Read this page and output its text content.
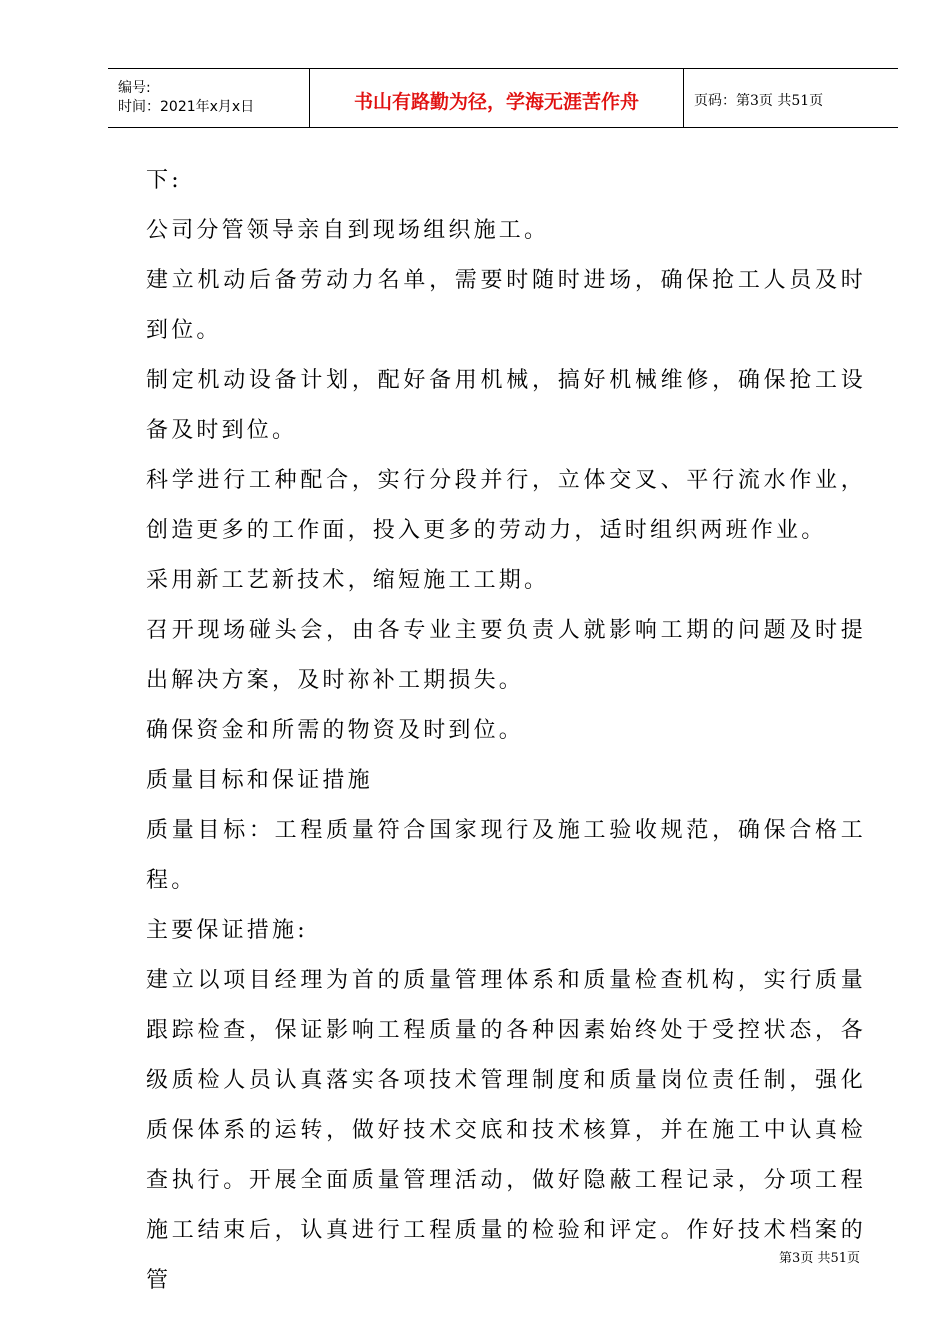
编号:
时间：2021年x月x日	书山有路勤为径，学海无涯苦作舟	页码：第3页 共51页

下:

公司分管领导亲自到现场组织施工。

建立机动后备劳动力名单，需要时随时进场，确保抢工人员及时到位。

制定机动设备计划，配好备用机械，搞好机械维修，确保抢工设备及时到位。

科学进行工种配合，实行分段并行，立体交叉、平行流水作业，创造更多的工作面，投入更多的劳动力，适时组织两班作业。

采用新工艺新技术，缩短施工工期。

召开现场碰头会，由各专业主要负责人就影响工期的问题及时提出解决方案，及时祢补工期损失。

确保资金和所需的物资及时到位。

质量目标和保证措施

质量目标：工程质量符合国家现行及施工验收规范，确保合格工程。

主要保证措施:

建立以项目经理为首的质量管理体系和质量检查机构，实行质量跟踪检查，保证影响工程质量的各种因素始终处于受控状态，各级质检人员认真落实各项技术管理制度和质量岗位责任制，强化质保体系的运转，做好技术交底和技术核算，并在施工中认真检查执行。开展全面质量管理活动，做好隐蔽工程记录，分项工程施工结束后，认真进行工程质量的检验和评定。作好技术档案的管

第3页 共51页
